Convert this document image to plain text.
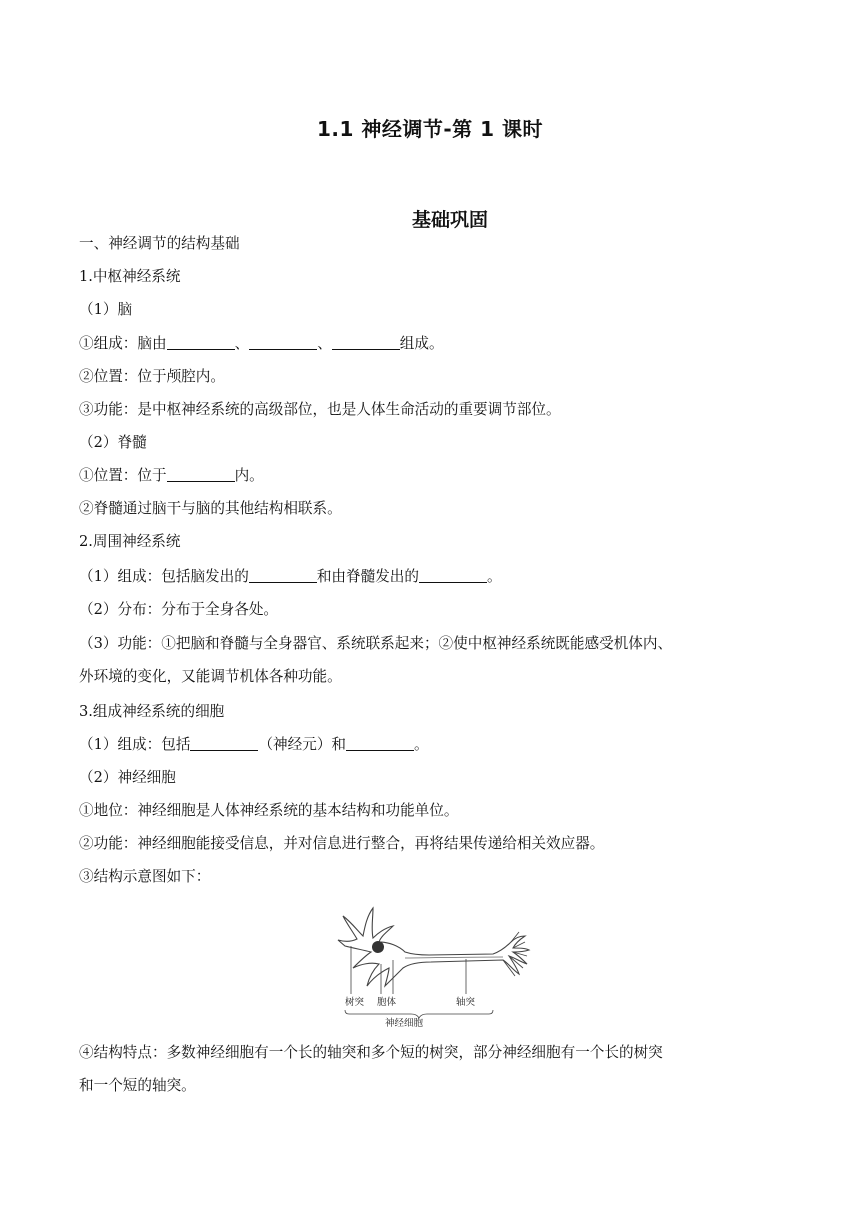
1.1 神经调节-第 1 课时
基础巩固
一、神经调节的结构基础
1.中枢神经系统
（1）脑
①组成：脑由	、	、	组成。
②位置：位于颅腔内。
③功能：是中枢神经系统的高级部位，也是人体生命活动的重要调节部位。
（2）脊髓
①位置：位于	内。
②脊髓通过脑干与脑的其他结构相联系。
2.周围神经系统
（1）组成：包括脑发出的	和由脊髓发出的	。
（2）分布：分布于全身各处。
（3）功能：①把脑和脊髓与全身器官、系统联系起来；②使中枢神经系统既能感受机体内、
外环境的变化，又能调节机体各种功能。
3.组成神经系统的细胞
（1）组成：包括	（神经元）和	。
（2）神经细胞
①地位：神经细胞是人体神经系统的基本结构和功能单位。
②功能：神经细胞能接受信息，并对信息进行整合，再将结果传递给相关效应器。
③结构示意图如下：
树突 胞体	轴突
神经细胞
④结构特点：多数神经细胞有一个长的轴突和多个短的树突，部分神经细胞有一个长的树突
和一个短的轴突。
